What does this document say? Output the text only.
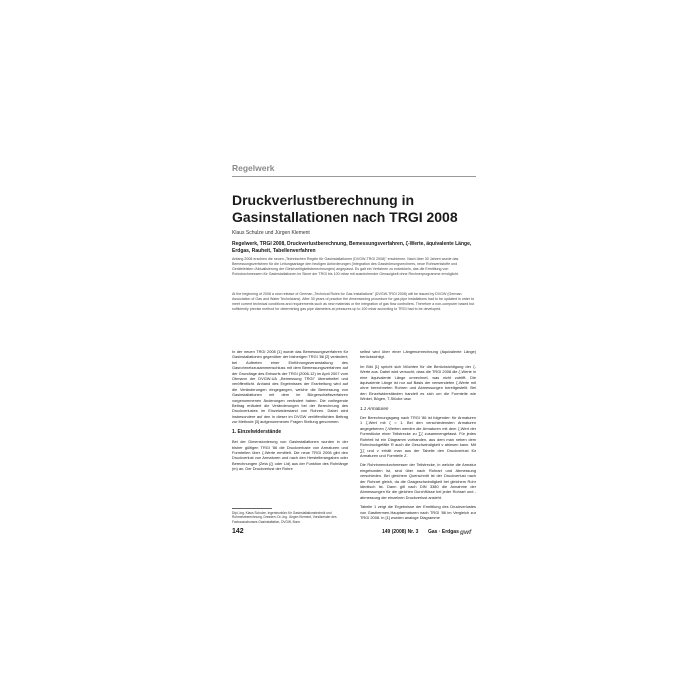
Regelwerk
Druckverlustberechnung in Gasinstallationen nach TRGI 2008
Klaus Schulze und Jürgen Klement

Regelwerk, TRGI 2008, Druckverlustberechnung, Bemessungsverfahren, ζ-Werte, äquivalente Länge, Erdgas, Rauheit, Tabellenverfahren

Anfang 2008 erschien die neuen „Technischen Regeln für Gasinstallationen (DVGW-TRGI 2008)" erschienen. Nach über 30 Jahren wurde das Bemessungsverfahren für die Leitungsanlage den heutigen Anforderungen (Integration des Gasströmungsrechners, neue Rohrwerkstoffe und Geräteleisten /Aktualisierung der Gleichzeitigkeitsberechnungen) angepasst. Es galt ein Verfahren zu entwickeln, das die Ermittlung von Rohrdurchmessern für Gasinstallationen im Sinne der TRGI bis 100 mbar mit ausreichender Genauigkeit ohne Rechnerprogramme ermöglicht.

At the beginning of 2008 a new release of German „Technical Rules for Gas Installations" (DVGW-TRGI 2008) will be issued by DVGW (German Association of Gas and Water Technicians). After 30 years of practice the dimensioning procedure for gas pipe installations had to be updated in order to meet current technical conditions and requirements such as new materials or the integration of gas flow controllers. Therefore a non-computer based but sufficiently precise method for determining gas pipe diameters at pressures up to 100 mbar according to TRGI had to be developed.

In der neuen TRGI 2008 [1] wurde das Bemessungsverfahren für Gasinstallationen gegenüber der bisherigen TRGI '86 [2] verändert; bei Auftreten einer Einführungsveranstaltung des Gasrohrnetzzusammenschluss mit dem Bemessungsverfahren auf der Grundlage des Entwurfs der TRGI (2006-12) im April 2007 vom Obmann der DVGW-UA „Bemessung TRGI" überarbeitet und veröffentlicht. Anhand des Ergebnisses der Erarbeitung wird auf die Veränderungen eingegangen, welche die Bemessung von Gasinstallationen mit dem im Bürgerschaftsverfahren vorgenommenen Änderungen verändert haben. Die vorliegende Beitrag erläutert die Veränderungen bei der Berechnung des Druckverlustes im Einzelwiderstand von Rohren. Dabei wird insbesondere auf den in dieser im DVGW veröffentlichten Beitrag zur Methode [3] aufgenommenen Fragen Stellung genommen.

1. Einzelwiderstände

Bei der Dimensionierung von Gasinstallationen wurden in der bisher gültigen TRGI '86 die Druckverluste von Armaturen und Formteilen über ζ-Werte ermittelt. Die neue TRGI 2008 gibt den Druckverlust von Armaturen und nach den Herstellerangaben oder Berechnungen (Zeta (ζ) oder L/d) aus der Funktion des Rohrlänge (m) an. Der Druckverlust der Rohre

Dipl.-Ing. Klaus Schulze, Ingenieurbüro für Gasinstallationstechnik und Rohrnetzberechnung, Dresden; Dr.-Ing. Jürgen Klement, Vorsitzender des Fachausschusses Gasinstallation, DVGW, Bonn.

selbst wird über einer Längenumrechnung (äquivalente Länge) berücksichtigt.

Im Bild [1] spricht sich Möchten für die Berücksichtigung der ζ-Werte aus. Dabei wird versucht, dass die TRGI 2008 die ζ-Werte in eine äquivalente Länge umrechnet, was nicht zutrifft. Die äquivalente Länge ist nur auf Basis der verwendeten ζ-Werte mit ohne berechneten Rohren und Abmessungen bereitgestellt. Bei den Einzelwiderständen handelt es sich um die Formteile wie Winkel, Bögen, T-Stücke usw.

1.1 Armaturen

Der Berechnungsgang nach TRGI '86 ist folgender: für Armaturen 1 ζ-Wert mit ζ = 1. Bei den verschiedensten Armaturen angegebenen ζ-Werten werden die Armaturen mit dem ζ-Wert der Formstücke einer Teilstrecke zu ∑ζ zusammengefasst. Für jedes Rohrteil ist ein Diagramm vorhanden, aus dem man neben dem Rohrdruckgefälle R auch die Geschwindigkeit v ablesen kann. Mit ∑ζ und v erhält man aus der Tabelle den Druckverlust für Armaturen und Formteile Z.

Die Rohrinnendurchmesser der Teilstrecke, in welche die Armatur eingebunden ist, sind über nach Rohrart und Abmessung verschieden. Bei gleichem Querschnitt ist der Druckverlust nach der Rohrart gleich, da die Gasgeschwindigkeit bei gleichem Rohr identisch ist. Dann gilt nach DIN 3380 die Annahme der Abmessungen für die gleichen Durchflüsse bei jeder Rohrart und -abmessung der einzelnen Druckverlust ansieht.

Tabelle 1 zeigt die Ergebnisse der Ermittlung des Druckverlustes von Gasthermen-Hauptarmaturen nach TRGI '86 im Vergleich zur TRGI 2008. In [1] wurden analoge Diagramme

142	149 (2008) Nr. 3 Gas · Erdgas gwf
